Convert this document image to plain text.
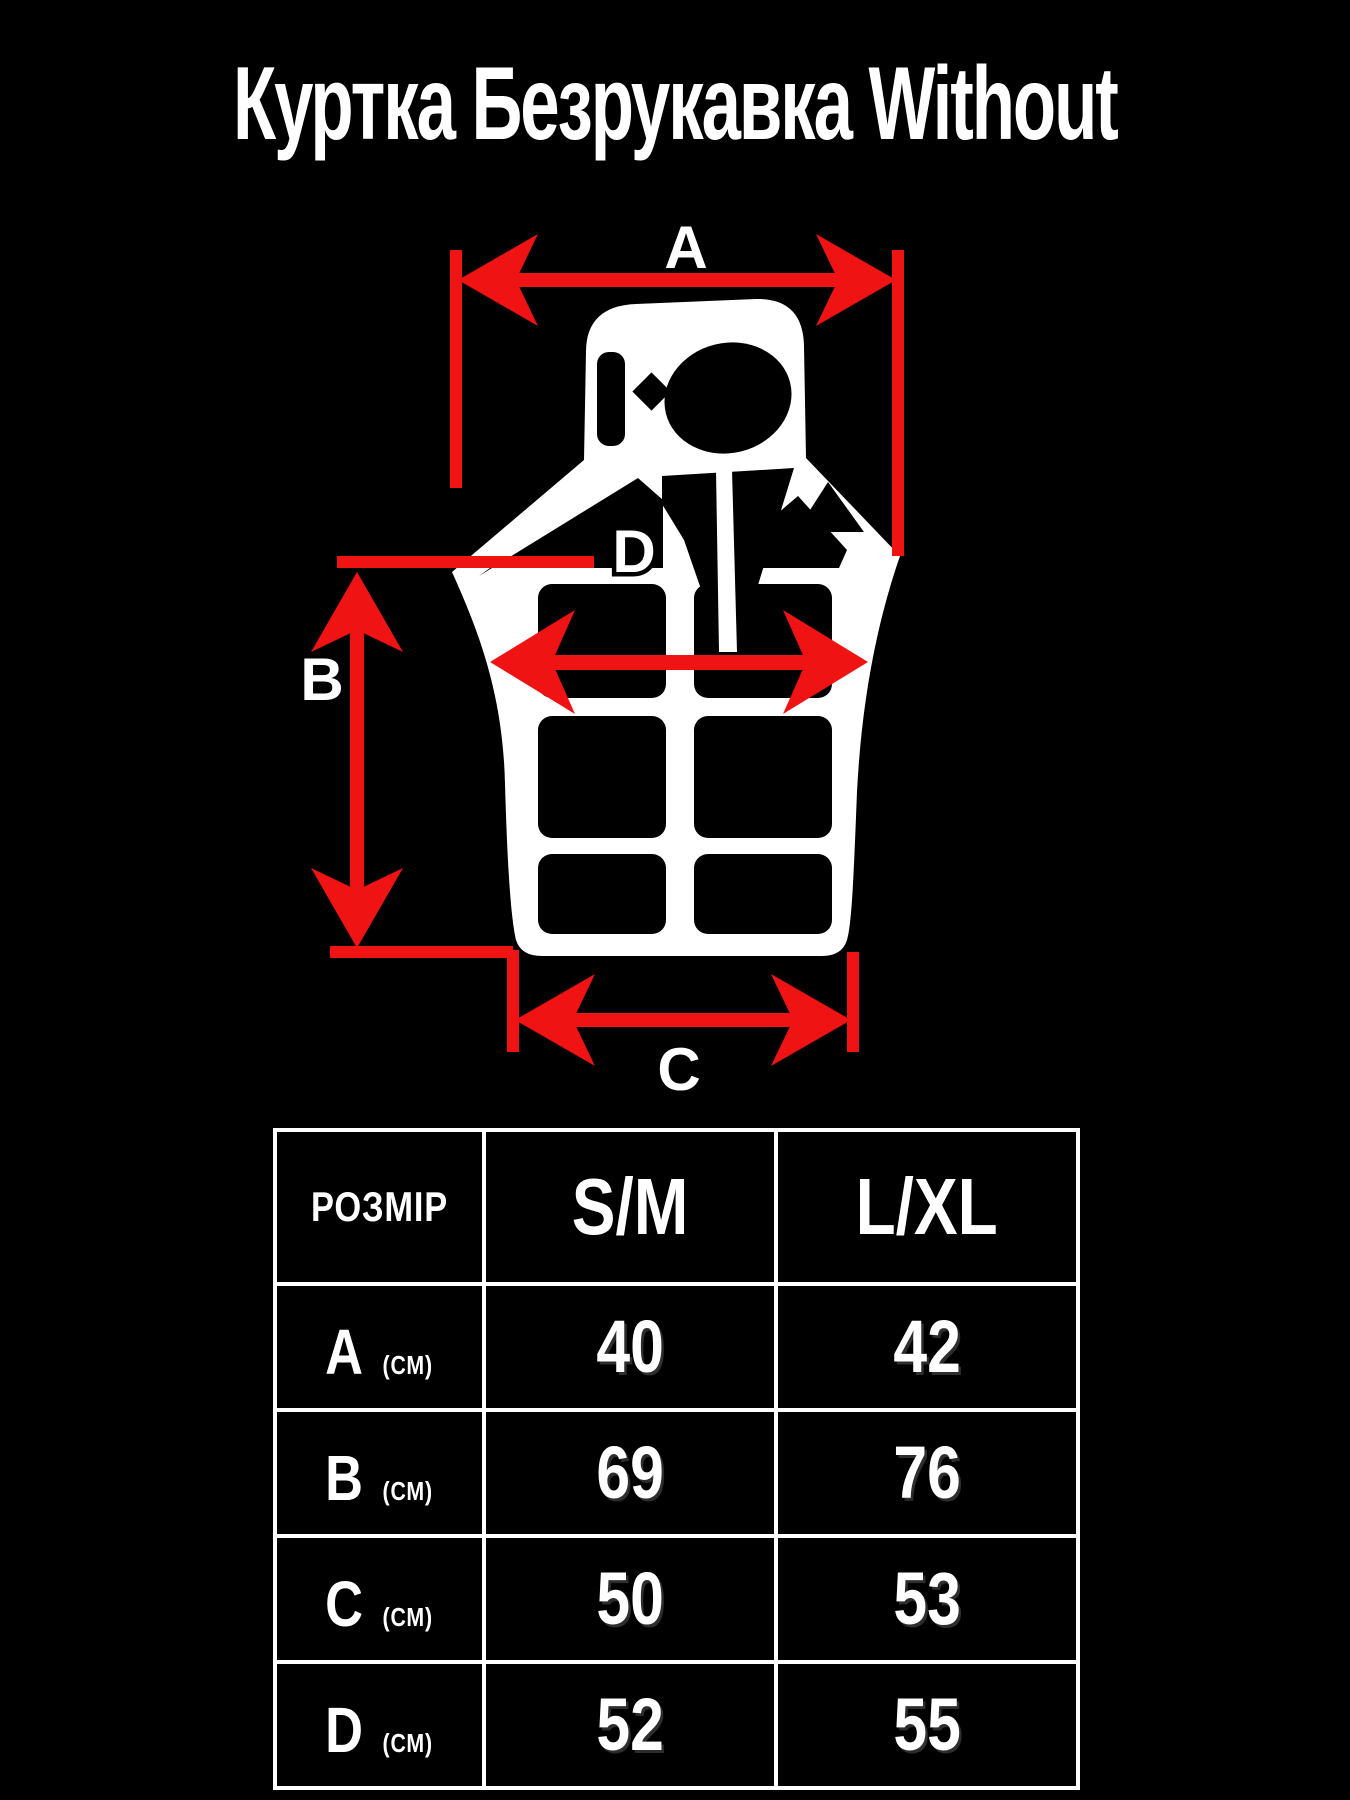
Куртка Безрукавка Without
A
B
D
C
РОЗМІР S/M L/XL
A (СМ) 40	42
B (СМ) 69	76
C (СМ) 50	53
D (СМ) 52	55
